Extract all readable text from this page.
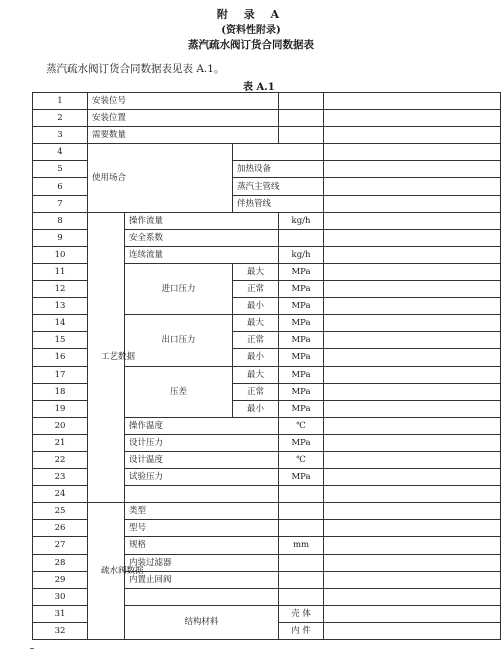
附 录 A
(资料性附录)
蒸汽疏水阀订货合同数据表
蒸汽疏水阀订货合同数据表见表 A.1。
表 A.1
1	安装位号				
2	安装位置				
3	需要数量				
4	使用场合				
5			加热设备		
6			蒸汽主管线		
7			伴热管线		
8	工艺数据	操作流量		kg/h	
9		安全系数			
10		连续流量		kg/h	
11		进口压力	最大	MPa	
12			正常	MPa	
13			最小	MPa	
14		出口压力	最大	MPa	
15			正常	MPa	
16			最小	MPa	
17		压差	最大	MPa	
18			正常	MPa	
19			最小	MPa	
20		操作温度		℃	
21		设计压力		MPa	
22		设计温度		℃	
23		试验压力		MPa	
24					
25	疏水阀数据	类型			
26		型号			
27		规格		mm	
28		内装过滤器			
29		内置止回阀			
30					
31		结构材料		壳 体	
32				内 件	
